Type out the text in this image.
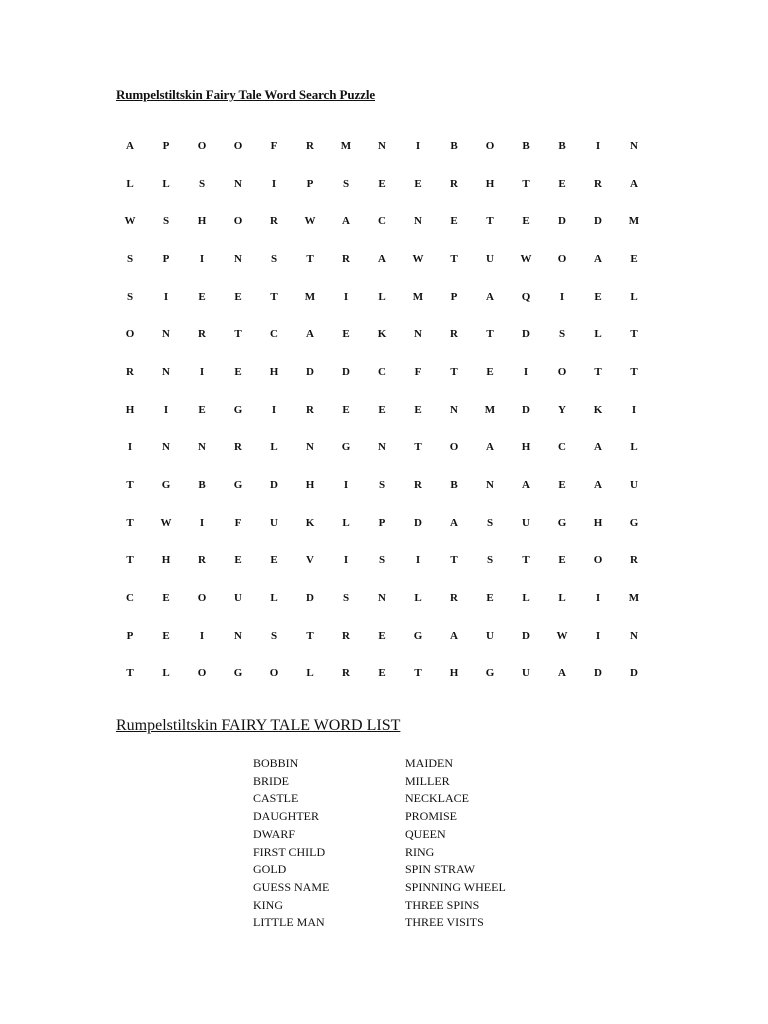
Rumpelstiltskin Fairy Tale Word Search Puzzle
A	P	O	O	F	R	M	N	I	B	O	B	B	I	N
L	L	S	N	I	P	S	E	E	R	H	T	E	R	A
W	S	H	O	R	W	A	C	N	E	T	E	D	D	M
S	P	I	N	S	T	R	A	W	T	U	W	O	A	E
S	I	E	E	T	M	I	L	M	P	A	Q	I	E	L
O	N	R	T	C	A	E	K	N	R	T	D	S	L	T
R	N	I	E	H	D	D	C	F	T	E	I	O	T	T
H	I	E	G	I	R	E	E	E	N	M	D	Y	K	I
I	N	N	R	L	N	G	N	T	O	A	H	C	A	L
T	G	B	G	D	H	I	S	R	B	N	A	E	A	U
T	W	I	F	U	K	L	P	D	A	S	U	G	H	G
T	H	R	E	E	V	I	S	I	T	S	T	E	O	R
C	E	O	U	L	D	S	N	L	R	E	L	L	I	M
P	E	I	N	S	T	R	E	G	A	U	D	W	I	N
T	L	O	G	O	L	R	E	T	H	G	U	A	D	D
Rumpelstiltskin FAIRY TALE WORD LIST
BOBBIN
BRIDE
CASTLE
DAUGHTER
DWARF
FIRST CHILD
GOLD
GUESS NAME
KING
LITTLE MAN
MAIDEN
MILLER
NECKLACE
PROMISE
QUEEN
RING
SPIN STRAW
SPINNING WHEEL
THREE SPINS
THREE VISITS
